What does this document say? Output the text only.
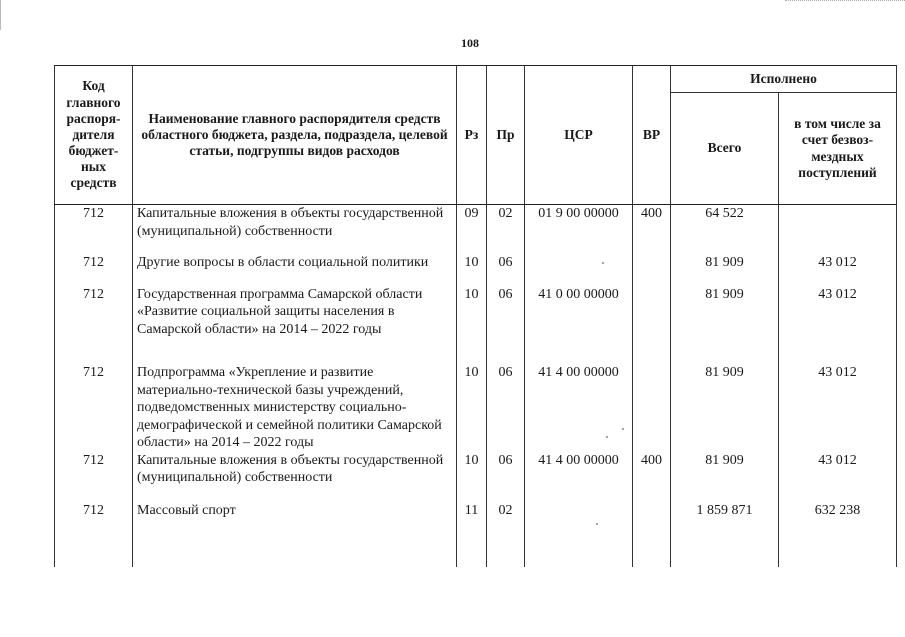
108
Код главного распоря-дителя бюджет-ных средств	Наименование главного распорядителя средств областного бюджета, раздела, подраздела, целевой статьи, подгруппы видов расходов	Рз	Пр	ЦСР	ВР	Исполнено	
						Всего	в том числе за счет безвоз-мездных поступлений
712	Капитальные вложения в объекты государственной (муниципальной) собственности	09	02	01 9 00 00000	400	64 522	
712	Другие вопросы в области социальной политики	10	06			81 909	43 012
712	Государственная программа Самарской области «Развитие социальной защиты населения в Самарской области» на 2014 – 2022 годы	10	06	41 0 00 00000		81 909	43 012
712	Подпрограмма «Укрепление и развитие материально-технической базы учреждений, подведомственных министерству социально-демографической и семейной политики Самарской области» на 2014 – 2022 годы	10	06	41 4 00 00000		81 909	43 012
712	Капитальные вложения в объекты государственной (муниципальной) собственности	10	06	41 4 00 00000	400	81 909	43 012
712	Массовый спорт	11	02			1 859 871	632 238
